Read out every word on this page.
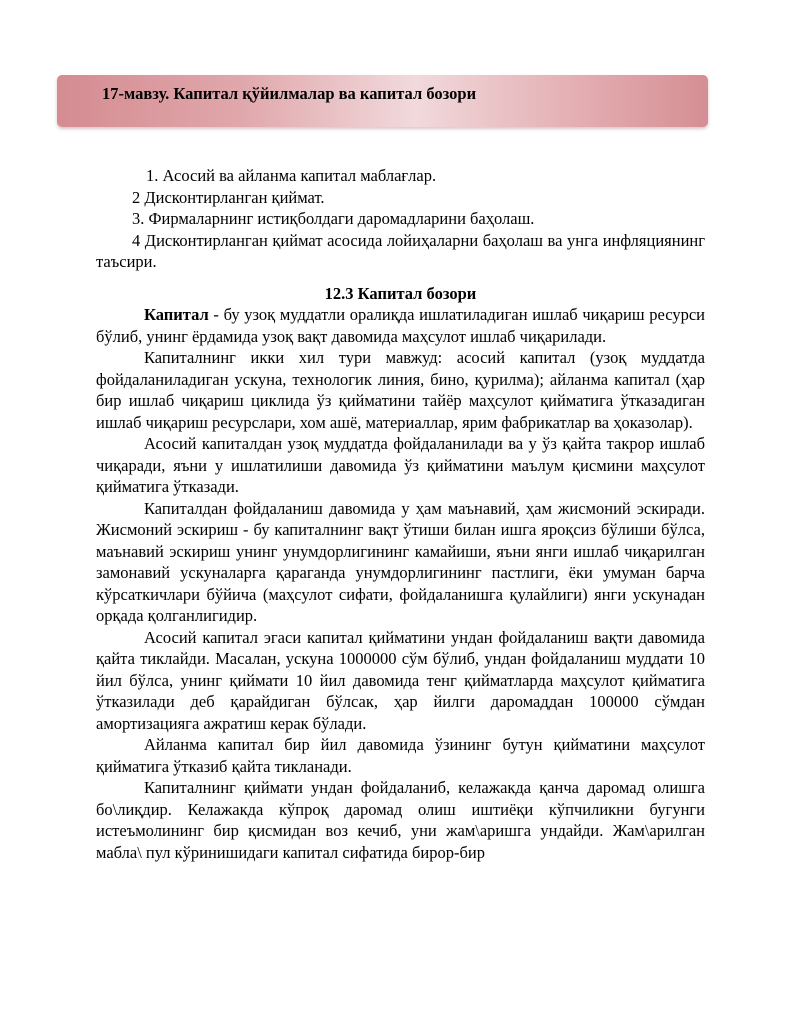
17-мавзу. Капитал қўйилмалар ва капитал бозори

1. Асосий ва айланма капитал маблағлар.

2 Дисконтирланган қиймат.

3. Фирмаларнинг истиқболдаги даромадларини баҳолаш.

4 Дисконтирланган қиймат асосида лойиҳаларни баҳолаш ва унга инфляциянинг таъсири.

12.3 Капитал бозори

Капитал - бу узоқ муддатли оралиқда ишлатиладиган ишлаб чиқариш ресурси бўлиб, унинг ёрдамида узоқ вақт давомида маҳсулот ишлаб чиқарилади.

Капиталнинг икки хил тури мавжуд: асосий капитал (узоқ муддатда фойдаланиладиган ускуна, технологик линия, бино, қурилма); айланма капитал (ҳар бир ишлаб чиқариш циклида ўз қийматини тайёр маҳсулот қийматига ўтказадиган ишлаб чиқариш ресурслари, хом ашё, материаллар, ярим фабрикатлар ва ҳоказолар).

Асосий капиталдан узоқ муддатда фойдаланилади ва у ўз қайта такрор ишлаб чиқаради, яъни у ишлатилиши давомида ўз қийматини маълум қисмини маҳсулот қийматига ўтказади.

Капиталдан фойдаланиш давомида у ҳам маънавий, ҳам жисмоний эскиради. Жисмоний эскириш - бу капиталнинг вақт ўтиши билан ишга яроқсиз бўлиши бўлса, маънавий эскириш унинг унумдорлигининг камайиши, яъни янги ишлаб чиқарилган замонавий ускуналарга қараганда унумдорлигининг пастлиги, ёки умуман барча кўрсаткичлари бўйича (маҳсулот сифати, фойдаланишга қулайлиги) янги ускунадан орқада қолганлигидир.

Асосий капитал эгаси капитал қийматини ундан фойдаланиш вақти давомида қайта тиклайди. Масалан, ускуна 1000000 сўм бўлиб, ундан фойдаланиш муддати 10 йил бўлса, унинг қиймати 10 йил давомида тенг қийматларда маҳсулот қийматига ўтказилади деб қарайдиган бўлсак, ҳар йилги даромаддан 100000 сўмдан амортизацияга ажратиш керак бўлади.

Айланма капитал бир йил давомида ўзининг бутун қийматини маҳсулот қийматига ўтказиб қайта тикланади.

Капиталнинг қиймати ундан фойдаланиб, келажакда қанча даромад олишга бо\лиқдир. Келажакда кўпроқ даромад олиш иштиёқи кўпчиликни бугунги истеъмолининг бир қисмидан воз кечиб, уни жам\аришга ундайди. Жам\арилган мабла\ пул кўринишидаги капитал сифатида бирор-бир
